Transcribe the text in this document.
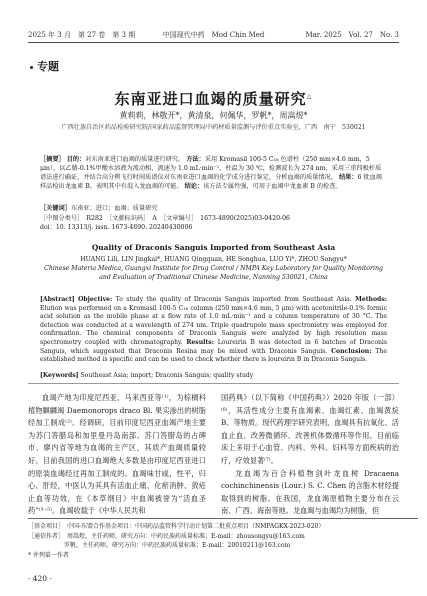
2025 年 3 月　第 27 卷　第 3 期	中国现代中药　Mod Chin Med	Mar. 2025　Vol. 27　No. 3
专题
东南亚进口血竭的质量研究△
黄莉莉，林敬开*，黄清泉，何佩华，罗帆*，周嵩煜*
广西壮族自治区药品检验研究院/国家药品监督管理局中药材质量监测与评价重点实验室，广西　南宁　530021
［摘要］ 目的：对东南亚进口血竭的质量进行研究。 方法：采用 Kromasil 100-5 C₁₈ 色谱柱（250 mm×4.6 mm，5 μm），以乙腈-0.1%甲酸水溶液为流动相，流速为 1.0 mL·min⁻¹，柱温为 30 ℃，检测波长为 274 nm，采用三重四极杆质谱法进行确证，并结合高分辨飞行时间质谱仪对东南亚进口血竭的化学成分进行鉴定，分析血竭的质量情况。 结果：6 批血竭样品检出龙血素 B，表明其中有混入龙血竭的可能。 结论：该方法专属性强，可用于血竭中龙血素 B 的检查。
［关键词］东南亚；进口；血竭；质量研究
［中图分类号］　R282　 ［文献标识码］　A　 ［文章编号］　1673-4890(2025)03-0420-06
doi：10. 13313/j. issn. 1673-4890. 20240430006
Quality of Draconis Sanguis Imported from Southeast Asia
HUANG Lili, LIN Jingkai*, HUANG Qingquan, HE Songhua, LUO Yi*, ZHOU Songyu*
Chinese Materia Medica, Guangxi Institute for Drug Control / NMPA Key Laboratory for Quality Monitoring and Evaluation of Traditional Chinese Medicine, Nanning 530021, China
[Abstract] Objective: To study the quality of Draconis Sanguis imported from Southeast Asia. Methods: Elution was performed on a Kromasil 100-5 C₁₈ column (250 mm×4.6 mm, 5 μm) with acetonitrile-0.1% formic acid solution as the mobile phase at a flow rate of 1.0 mL·min⁻¹ and a column temperature of 30 °C. The detection was conducted at a wavelength of 274 nm. Triple quadrupole mass spectrometry was employed for confirmation. The chemical components of Draconis Sanguis were analyzed by high resolution mass spectrometry coupled with chromatography. Results: Loureirin B was detected in 6 batches of Draconis Sanguis, which suggested that Draconis Resina may be mixed with Draconis Sanguis. Conclusion: The established method is specific and can be used to check whether there is loureirin B in Draconis Sanguis.
[Keywords] Southeast Asia; import; Draconis Sanguis; quality study
血竭产地为印度尼西亚、马来西亚等⁽¹⁾，为棕榈科植物麒麟竭 Daemonorops draco Bl. 果实渗出的树脂经加工制成⁽²⁾。经调研，目前印度尼西亚血竭产地主要为苏门答腊岛和加里曼丹岛南部。苏门答腊岛的占碑市、廖内省等地为血竭的主产区，其质产血竭质量较好。目前我国的进口血竭绝大多数是由印度尼西亚进口的原装血竭经过再加工制成的。血竭味甘咸，性平，归心、肝经，中医认为其具有活血止痛、化瘀消肿、敛疮止血等功效，在《本草纲目》中血竭被誉为“活血圣药”⁽³⁻⁵⁾。血竭收载于《中华人民共和
国药典》（以下简称《中国药典》）2020 年版（一部）⁽⁶⁾，其活性成分主要有血竭素、血竭红素、血竭黄烷 B、等物质。现代药理学研究表明，血竭具有抗氧化、活血止血、改善微循环、改善机体微循环等作用。目前临床上多用于心血管、内科、外科、妇科等方面疾病的治疗，疗效显著⁽⁷⁾。
龙血竭为百合科植物剑叶龙血树 Dracaena cochinchinensis (Lour.) S. C. Chen 的含脂木材经提取得到的树脂。在我国，龙血竭原植物主要分布在云南、广西、海南等地。龙血竭与血竭均为树脂，但
［基金项目］　中国-东盟合作基金项目：中国药品监管科学行动计划第二批重点项目（NMPAGKX-2023-020）
［通信作者］　周嵩煜，主任药师，研究方向：中药民族药质量标准；E-mail：zhousongyu@163.com
罗帆，主任药师，研究方向：中药民族药质量标准；E-mail：20010211@163.com
* 并列第一作者
· 420 ·
